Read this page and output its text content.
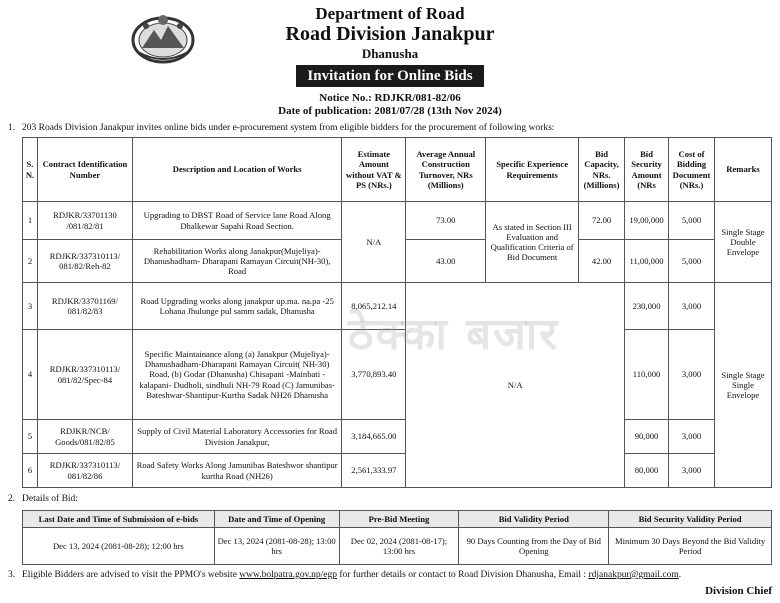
Department of Road
Road Division Janakpur
Dhanusha
Invitation for Online Bids
Notice No.: RDJKR/081-82/06
Date of publication: 2081/07/28 (13th Nov 2024)
1. 203 Roads Division Janakpur invites online bids under e-procurement system from eligible bidders for the procurement of following works:
S. N.	Contract Identification Number	Description and Location of Works	Estimate Amount without VAT & PS (NRs.)	Average Annual Construction Turnover, NRs (Millions)	Specific Experience Requirements	Bid Capacity, NRs. (Millions)	Bid Security Amount (NRs	Cost of Bidding Document (NRs.)	Remarks
1	RDJKR/33701130 /081/82/81	Upgrading to DBST Road of Service lane Road Along Dhalkewar Sapahi Road Section.	N/A	73.00	As stated in Section III Evaluation and Qualification Criteria of Bid Document	72.00	19,00,000	5,000	Single Stage Double Envelope
2	RDJKR/337310113/ 081/82/Reh-82	Rehabilitation Works along Janakpur(Mujeliya)- Dhanushadham- Dharapani Ramayan Circuit(NH-30), Road		43.00		42.00	11,00,000	5,000	
3	RDJKR/33701169/ 081/82/83	Road Upgrading works along janakpur up.ma. na.pa -25 Lohana Jhulunge pul samm sadak, Dhanusha	8,065,212.14	N/A			230,000	3,000	Single Stage Single Envelope
4	RDJKR/337310113/ 081/82/Spec-84	Specific Maintainance along (a) Janakpur (Mujeliya)- Dhanushadham-Dharapani Ramayan Circuit( NH-30) Road, (b) Godar (Dhanusha) Chisapani -Mainbati -kalapani- Dudholi, sindhuli NH-79 Road (C) Jamunibas- Bateshwar-Shantipur-Kurtha Sadak NH26 Dhanusha	3,770,893.40				110,000	3,000	
5	RDJKR/NCB/ Goods/081/82/85	Supply of Civil Material Laboratory Accessories for Road Division Janakpur,	3,184,665.00				90,000	3,000	
6	RDJKR/337310113/ 081/82/86	Road Safety Works Along Jamunibas Bateshwor shantipur kurtha Road (NH26)	2,561,333.97				80,000	3,000	
ठेक्का बजार
2. Details of Bid:
Last Date and Time of Submission of e-bids	Date and Time of Opening	Pre-Bid Meeting	Bid Validity Period	Bid Security Validity Period
Dec 13, 2024 (2081-08-28); 12:00 hrs	Dec 13, 2024 (2081-08-28); 13:00 hrs	Dec 02, 2024 (2081-08-17); 13:00 hrs	90 Days Counting from the Day of Bid Opening	Minimum 30 Days Beyond the Bid Validity Period
3. Eligible Bidders are advised to visit the PPMO's website www.bolpatra.gov.np/egp for further details or contact to Road Division Dhanusha, Email : rdjanakpur@gmail.com.
Division Chief
